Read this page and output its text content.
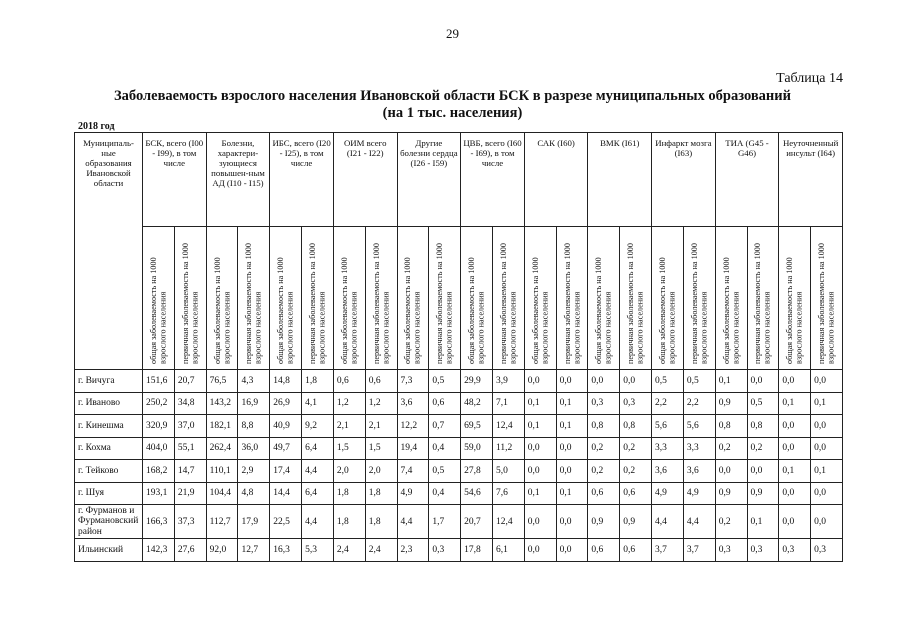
29
Таблица 14
Заболеваемость взрослого населения Ивановской области БСК в разрезе муниципальных образований
(на 1 тыс. населения)
2018 год
Муниципаль-ные образования Ивановской области	БСК, всего (I00 - I99), в том числе		Болезни, характери-зующиеся повышен-ным АД (I10 - I15)		ИБС, всего (I20 - I25), в том числе		ОИМ всего (I21 - I22)		Другие болезни сердца (I26 - I59)		ЦВБ, всего (I60 - I69), в том числе		САК (I60)		ВМК (I61)		Инфаркт мозга (I63)		ТИА (G45 - G46)		Неуточненный инсульт (I64)	

	общая заболеваемость на 1000 взрослого населения	первичная заболеваемость на 1000 взрослого населения	общая заболеваемость на 1000 взрослого населения	первичная заболеваемость на 1000 взрослого населения	общая заболеваемость на 1000 взрослого населения	первичная заболеваемость на 1000 взрослого населения	общая заболеваемость на 1000 взрослого населения	первичная заболеваемость на 1000 взрослого населения	общая заболеваемость на 1000 взрослого населения	первичная заболеваемость на 1000 взрослого населения	общая заболеваемость на 1000 взрослого населения	первичная заболеваемость на 1000 взрослого населения	общая заболеваемость на 1000 взрослого населения	первичная заболеваемость на 1000 взрослого населения	общая заболеваемость на 1000 взрослого населения	первичная заболеваемость на 1000 взрослого населения	общая заболеваемость на 1000 взрослого населения	первичная заболеваемость на 1000 взрослого населения	общая заболеваемость на 1000 взрослого населения	первичная заболеваемость на 1000 взрослого населения	общая заболеваемость на 1000 взрослого населения	первичная заболеваемость на 1000 взрослого населения

г. Вичуга	151,6	20,7	76,5	4,3	14,8	1,8	0,6	0,6	7,3	0,5	29,9	3,9	0,0	0,0	0,0	0,0	0,5	0,5	0,1	0,0	0,0	0,0
г. Иваново	250,2	34,8	143,2	16,9	26,9	4,1	1,2	1,2	3,6	0,6	48,2	7,1	0,1	0,1	0,3	0,3	2,2	2,2	0,9	0,5	0,1	0,1
г. Кинешма	320,9	37,0	182,1	8,8	40,9	9,2	2,1	2,1	12,2	0,7	69,5	12,4	0,1	0,1	0,8	0,8	5,6	5,6	0,8	0,8	0,0	0,0
г. Кохма	404,0	55,1	262,4	36,0	49,7	6,4	1,5	1,5	19,4	0,4	59,0	11,2	0,0	0,0	0,2	0,2	3,3	3,3	0,2	0,2	0,0	0,0
г. Тейково	168,2	14,7	110,1	2,9	17,4	4,4	2,0	2,0	7,4	0,5	27,8	5,0	0,0	0,0	0,2	0,2	3,6	3,6	0,0	0,0	0,1	0,1
г. Шуя	193,1	21,9	104,4	4,8	14,4	6,4	1,8	1,8	4,9	0,4	54,6	7,6	0,1	0,1	0,6	0,6	4,9	4,9	0,9	0,9	0,0	0,0
г. Фурманов и Фурмановский район	166,3	37,3	112,7	17,9	22,5	4,4	1,8	1,8	4,4	1,7	20,7	12,4	0,0	0,0	0,9	0,9	4,4	4,4	0,2	0,1	0,0	0,0
Ильинский	142,3	27,6	92,0	12,7	16,3	5,3	2,4	2,4	2,3	0,3	17,8	6,1	0,0	0,0	0,6	0,6	3,7	3,7	0,3	0,3	0,3	0,3
